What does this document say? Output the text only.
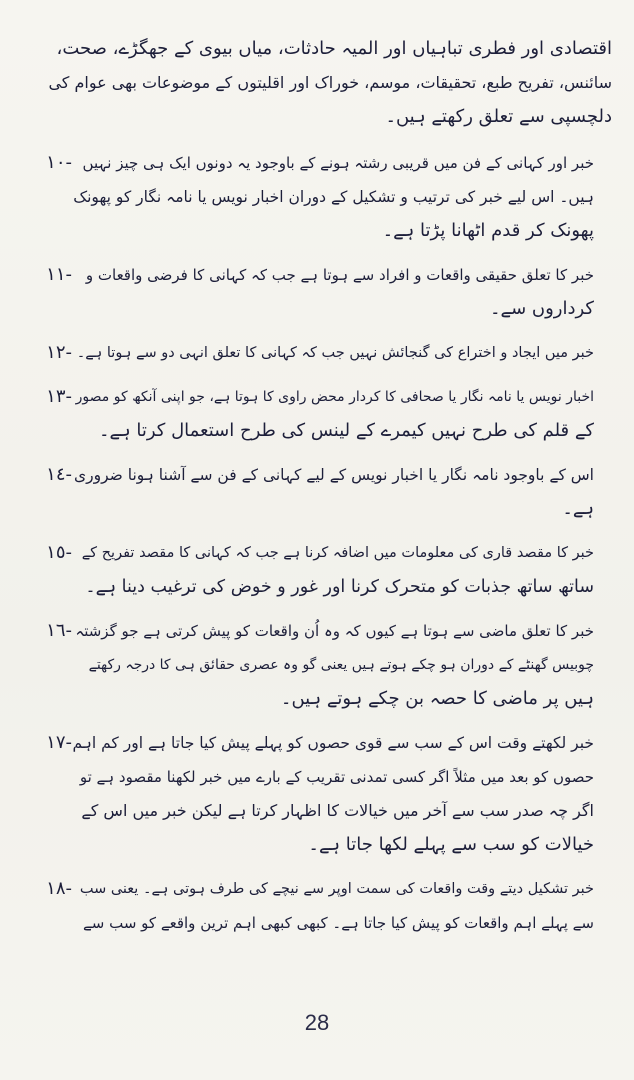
اقتصادی اور فطری تباہیاں اور المیہ حادثات، میاں بیوی کے جھگڑے، صحت،
سائنس، تفریح طبع، تحقیقات، موسم، خوراک اور اقلیتوں کے موضوعات بھی عوام کی
دلچسپی سے تعلق رکھتے ہیں۔
خبر اور کہانی کے فن میں قریبی رشتہ ہونے کے باوجود یہ دونوں ایک ہی چیز نہیں
ہیں۔ اس لیے خبر کی ترتیب و تشکیل کے دوران اخبار نویس یا نامہ نگار کو پھونک
پھونک کر قدم اٹھانا پڑتا ہے۔
-١٠
خبر کا تعلق حقیقی واقعات و افراد سے ہوتا ہے جب کہ کہانی کا فرضی واقعات و
کرداروں سے۔
-١١
خبر میں ایجاد و اختراع کی گنجائش نہیں جب کہ کہانی کا تعلق انہی دو سے ہوتا ہے۔
-١٢
اخبار نویس یا نامہ نگار یا صحافی کا کردار محض راوی کا ہوتا ہے، جو اپنی آنکھ کو مصور
کے قلم کی طرح نہیں کیمرے کے لینس کی طرح استعمال کرتا ہے۔
-١٣
اس کے باوجود نامہ نگار یا اخبار نویس کے لیے کہانی کے فن سے آشنا ہونا ضروری
ہے۔
-١٤
خبر کا مقصد قاری کی معلومات میں اضافہ کرنا ہے جب کہ کہانی کا مقصد تفریح کے
ساتھ ساتھ جذبات کو متحرک کرنا اور غور و خوض کی ترغیب دینا ہے۔
-١٥
خبر کا تعلق ماضی سے ہوتا ہے کیوں کہ وہ اُن واقعات کو پیش کرتی ہے جو گزشتہ
چوبیس گھنٹے کے دوران ہو چکے ہوتے ہیں یعنی گو وہ عصری حقائق ہی کا درجہ رکھتے
ہیں پر ماضی کا حصہ بن چکے ہوتے ہیں۔
-١٦
خبر لکھتے وقت اس کے سب سے قوی حصوں کو پہلے پیش کیا جاتا ہے اور کم اہم
حصوں کو بعد میں مثلاً اگر کسی تمدنی تقریب کے بارے میں خبر لکھنا مقصود ہے تو
اگر چہ صدر سب سے آخر میں خیالات کا اظہار کرتا ہے لیکن خبر میں اس کے
خیالات کو سب سے پہلے لکھا جاتا ہے۔
-١٧
خبر تشکیل دیتے وقت واقعات کی سمت اوپر سے نیچے کی طرف ہوتی ہے۔ یعنی سب
سے پہلے اہم واقعات کو پیش کیا جاتا ہے۔ کبھی کبھی اہم ترین واقعے کو سب سے
-١٨
28
